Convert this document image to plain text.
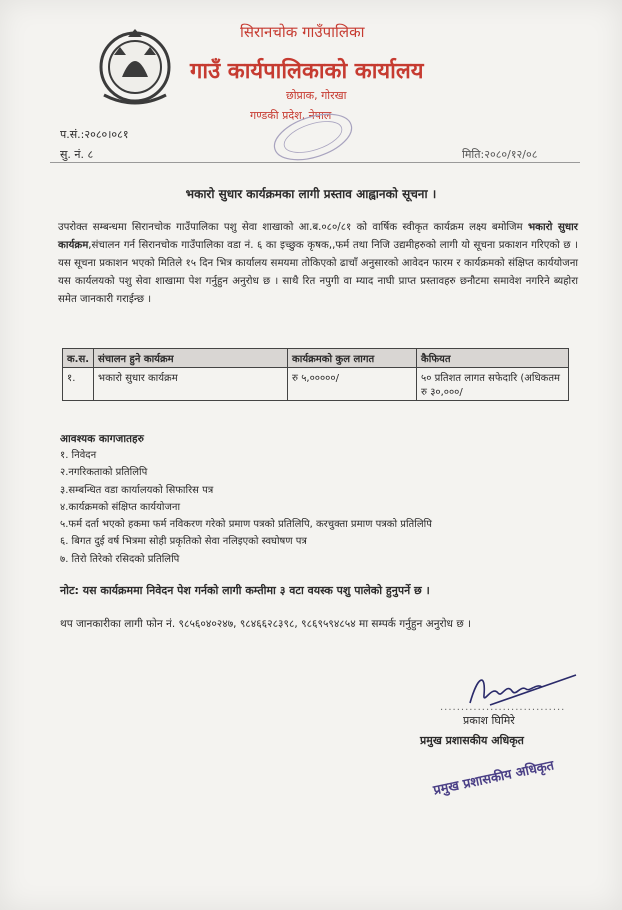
सिरानचोक गाउँपालिका
गाउँ कार्यपालिकाको कार्यालय
छोप्राक, गोरखा
गण्डकी प्रदेश, नेपाल
प.सं.:२०८०।०८१
सु. नं. ८	मिति:२०८०/१२/०८
भकारो सुधार कार्यक्रमका लागी प्रस्ताव आह्वानको सूचना ।
उपरोक्त सम्बन्धमा सिरानचोक गाउँपालिका पशु सेवा शाखाको आ.ब.०८०/८१ को वार्षिक स्वीकृत कार्यक्रम लक्ष्य बमोजिम भकारो सुधार कार्यक्रम,संचालन गर्न सिरानचोक गाउँपालिका वडा नं. ६ का इच्छुक कृषक,,फर्म तथा निजि उद्यमीहरुको लागी यो सूचना प्रकाशन गरिएको छ । यस सूचना प्रकाशन भएको मितिले १५ दिन भित्र कार्यालय समयमा तोकिएको ढाचाँ अनुसारको आवेदन फारम र कार्यक्रमको संक्षिप्त कार्ययोजना यस कार्यलयको पशु सेवा शाखामा पेश गर्नुहुन अनुरोध छ । साथै रित नपुगी वा म्याद नाघी प्राप्त प्रस्तावहरु छनौटमा समावेश नगरिने ब्यहोरा समेत जानकारी गराईन्छ ।
क.स.	संचालन हुने कार्यक्रम	कार्यक्रमको कुल लागत	कैफियत
१.	भकारो सुधार कार्यक्रम	रु ५,०००००/	५० प्रतिशत लागत सफेदारि (अधिकतम रु ३०,०००/
आवश्यक कागजातहरु
१. निवेदन
२.नगरिकताको प्रतिलिपि
३.सम्बन्धित वडा कार्यालयको सिफारिस पत्र
४.कार्यक्रमको संक्षिप्त कार्ययोजना
५.फर्म दर्ता भएको हकमा फर्म नविकरण गरेको प्रमाण पत्रको प्रतिलिपि, करचुक्ता प्रमाण पत्रको प्रतिलिपि
६. बिगत दुई वर्ष भित्रमा सोही प्रकृतिको सेवा नलिइएको स्वघोषण पत्र
७. तिरो तिरेको रसिदको प्रतिलिपि
नोट: यस कार्यक्रममा निवेदन पेश गर्नको लागी कम्तीमा ३ वटा वयस्क पशु पालेको हुनुपर्ने छ ।
थप जानकारीका लागी फोन नं. ९८५६०४०२४७, ९८४६६२८३९८, ९८६९५९४८५४ मा सम्पर्क गर्नुहुन अनुरोध छ ।
..............................
प्रकाश घिमिरे
प्रमुख प्रशासकीय अधिकृत
प्रमुख प्रशासकीय अधिकृत
